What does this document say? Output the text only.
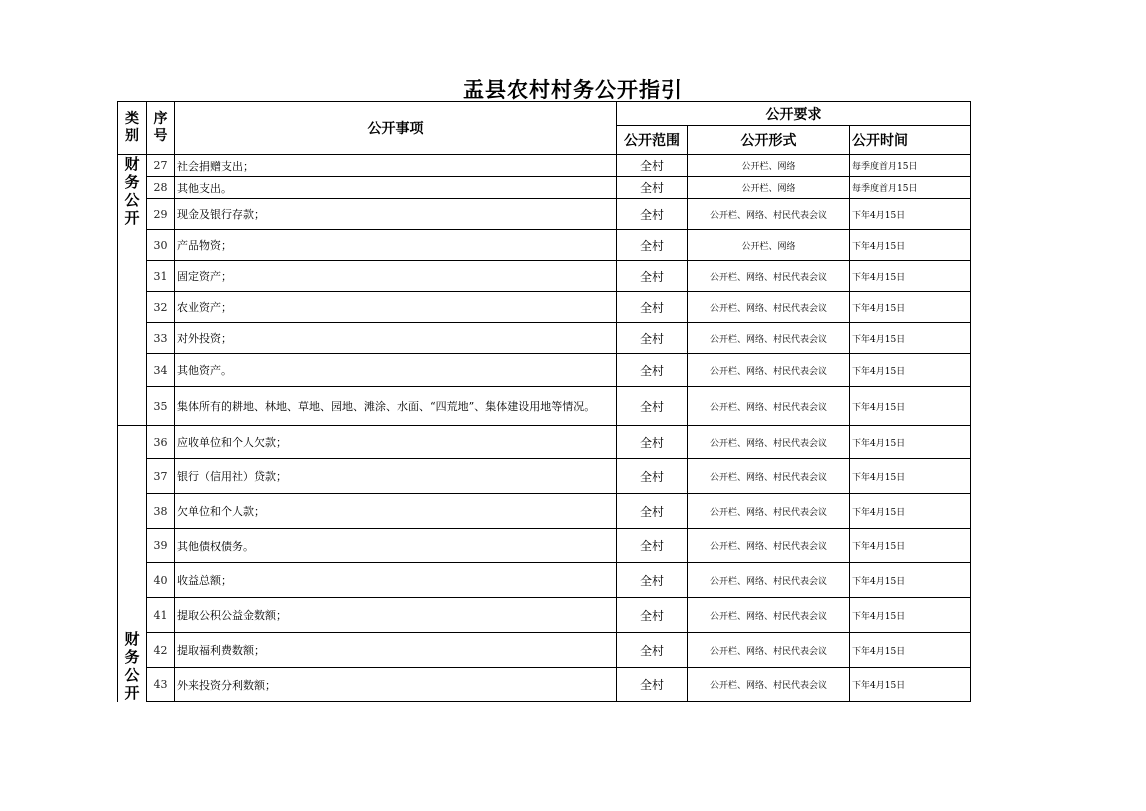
盂县农村村务公开指引
类别	序号	公开事项	公开要求		
			公开范围	公开形式	公开时间
财务公开	27	社会捐赠支出；	全村	公开栏、网络	每季度首月15日
	28	其他支出。	全村	公开栏、网络	每季度首月15日
	29	现金及银行存款；	全村	公开栏、网络、村民代表会议	下年4月15日
	30	产品物资；	全村	公开栏、网络	下年4月15日
	31	固定资产；	全村	公开栏、网络、村民代表会议	下年4月15日
	32	农业资产；	全村	公开栏、网络、村民代表会议	下年4月15日
	33	对外投资；	全村	公开栏、网络、村民代表会议	下年4月15日
	34	其他资产。	全村	公开栏、网络、村民代表会议	下年4月15日
	35	集体所有的耕地、林地、草地、园地、滩涂、水面、“四荒地”、集体建设用地等情况。	全村	公开栏、网络、村民代表会议	下年4月15日
财务公开	36	应收单位和个人欠款；	全村	公开栏、网络、村民代表会议	下年4月15日
	37	银行（信用社）贷款；	全村	公开栏、网络、村民代表会议	下年4月15日
	38	欠单位和个人款；	全村	公开栏、网络、村民代表会议	下年4月15日
	39	其他债权债务。	全村	公开栏、网络、村民代表会议	下年4月15日
	40	收益总额；	全村	公开栏、网络、村民代表会议	下年4月15日
	41	提取公积公益金数额；	全村	公开栏、网络、村民代表会议	下年4月15日
	42	提取福利费数额；	全村	公开栏、网络、村民代表会议	下年4月15日
	43	外来投资分利数额；	全村	公开栏、网络、村民代表会议	下年4月15日
